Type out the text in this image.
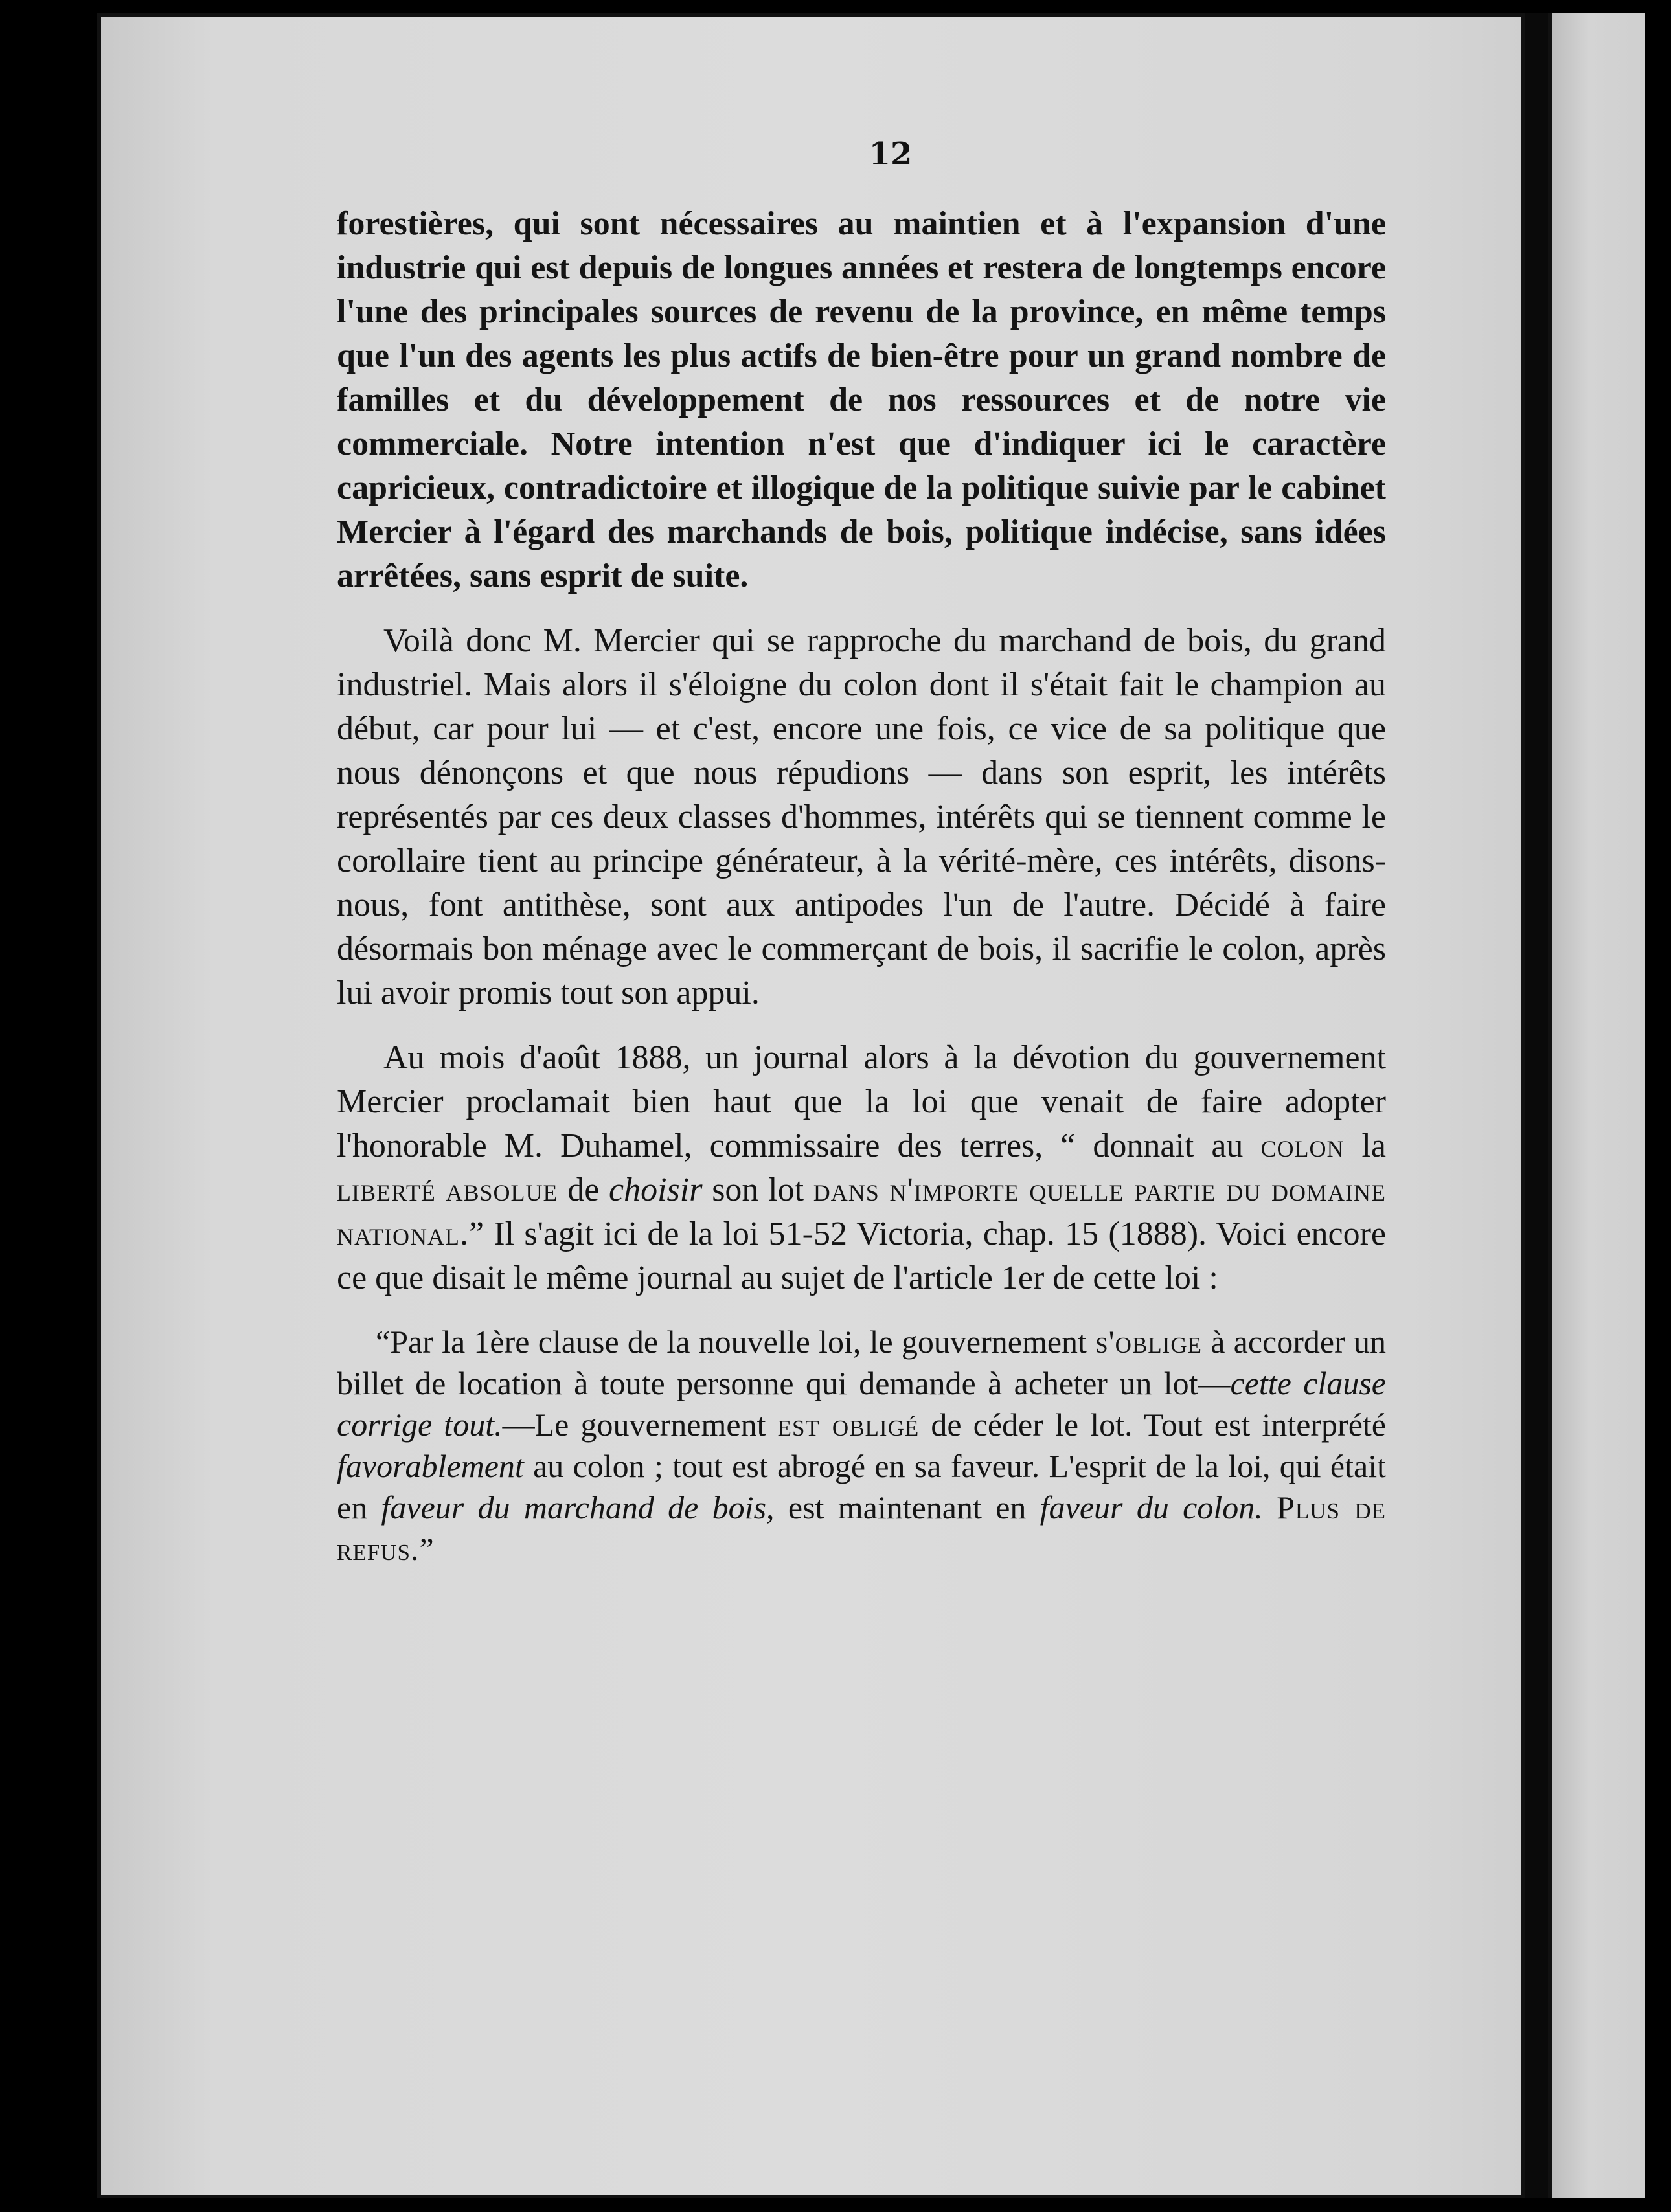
12

forestières, qui sont nécessaires au maintien et à l'expansion d'une industrie qui est depuis de longues années et restera de longtemps encore l'une des principales sources de revenu de la province, en même temps que l'un des agents les plus actifs de bien-être pour un grand nombre de familles et du développement de nos ressources et de notre vie commerciale. Notre intention n'est que d'indiquer ici le caractère capricieux, contradictoire et illogique de la politique suivie par le cabinet Mercier à l'égard des marchands de bois, politique indécise, sans idées arrêtées, sans esprit de suite.

Voilà donc M. Mercier qui se rapproche du marchand de bois, du grand industriel. Mais alors il s'éloigne du colon dont il s'était fait le champion au début, car pour lui — et c'est, encore une fois, ce vice de sa politique que nous dénonçons et que nous répudions — dans son esprit, les intérêts représentés par ces deux classes d'hommes, intérêts qui se tiennent comme le corollaire tient au principe générateur, à la vérité-mère, ces intérêts, disons-nous, font antithèse, sont aux antipodes l'un de l'autre. Décidé à faire désormais bon ménage avec le commerçant de bois, il sacrifie le colon, après lui avoir promis tout son appui.

Au mois d'août 1888, un journal alors à la dévotion du gouvernement Mercier proclamait bien haut que la loi que venait de faire adopter l'honorable M. Duhamel, commissaire des terres, “ donnait au colon la liberté absolue de choisir son lot dans n'importe quelle partie du domaine national.” Il s'agit ici de la loi 51-52 Victoria, chap. 15 (1888). Voici encore ce que disait le même journal au sujet de l'article 1er de cette loi :

“Par la 1ère clause de la nouvelle loi, le gouvernement s'oblige à accorder un billet de location à toute personne qui demande à acheter un lot—cette clause corrige tout.—Le gouvernement est obligé de céder le lot. Tout est interprété favorablement au colon ; tout est abrogé en sa faveur. L'esprit de la loi, qui était en faveur du marchand de bois, est maintenant en faveur du colon. Plus de refus.”
